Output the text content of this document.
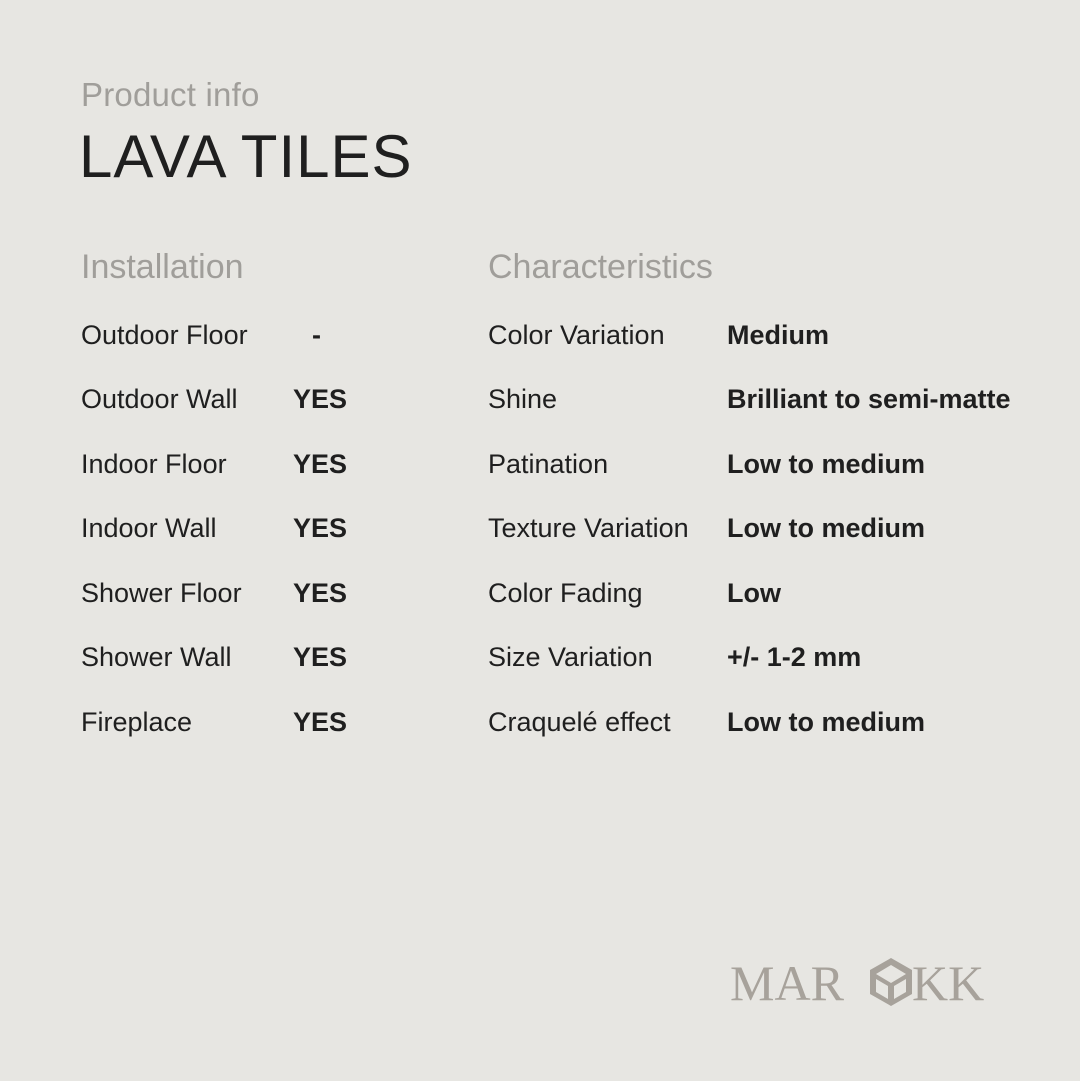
Product info
LAVA TILES
Installation	Characteristics
Outdoor Floor -
Outdoor Wall YES
Indoor Floor YES
Indoor Wall	YES
Shower Floor YES
Shower Wall YES
Fireplace	YES
Color Variation Medium
Shine	Brilliant to semi-matte
Patination	Low to medium
Texture Variation Low to medium
Color Fading	Low
Size Variation	+/- 1-2 mm
Craquelé effect Low to medium
MAR KK
